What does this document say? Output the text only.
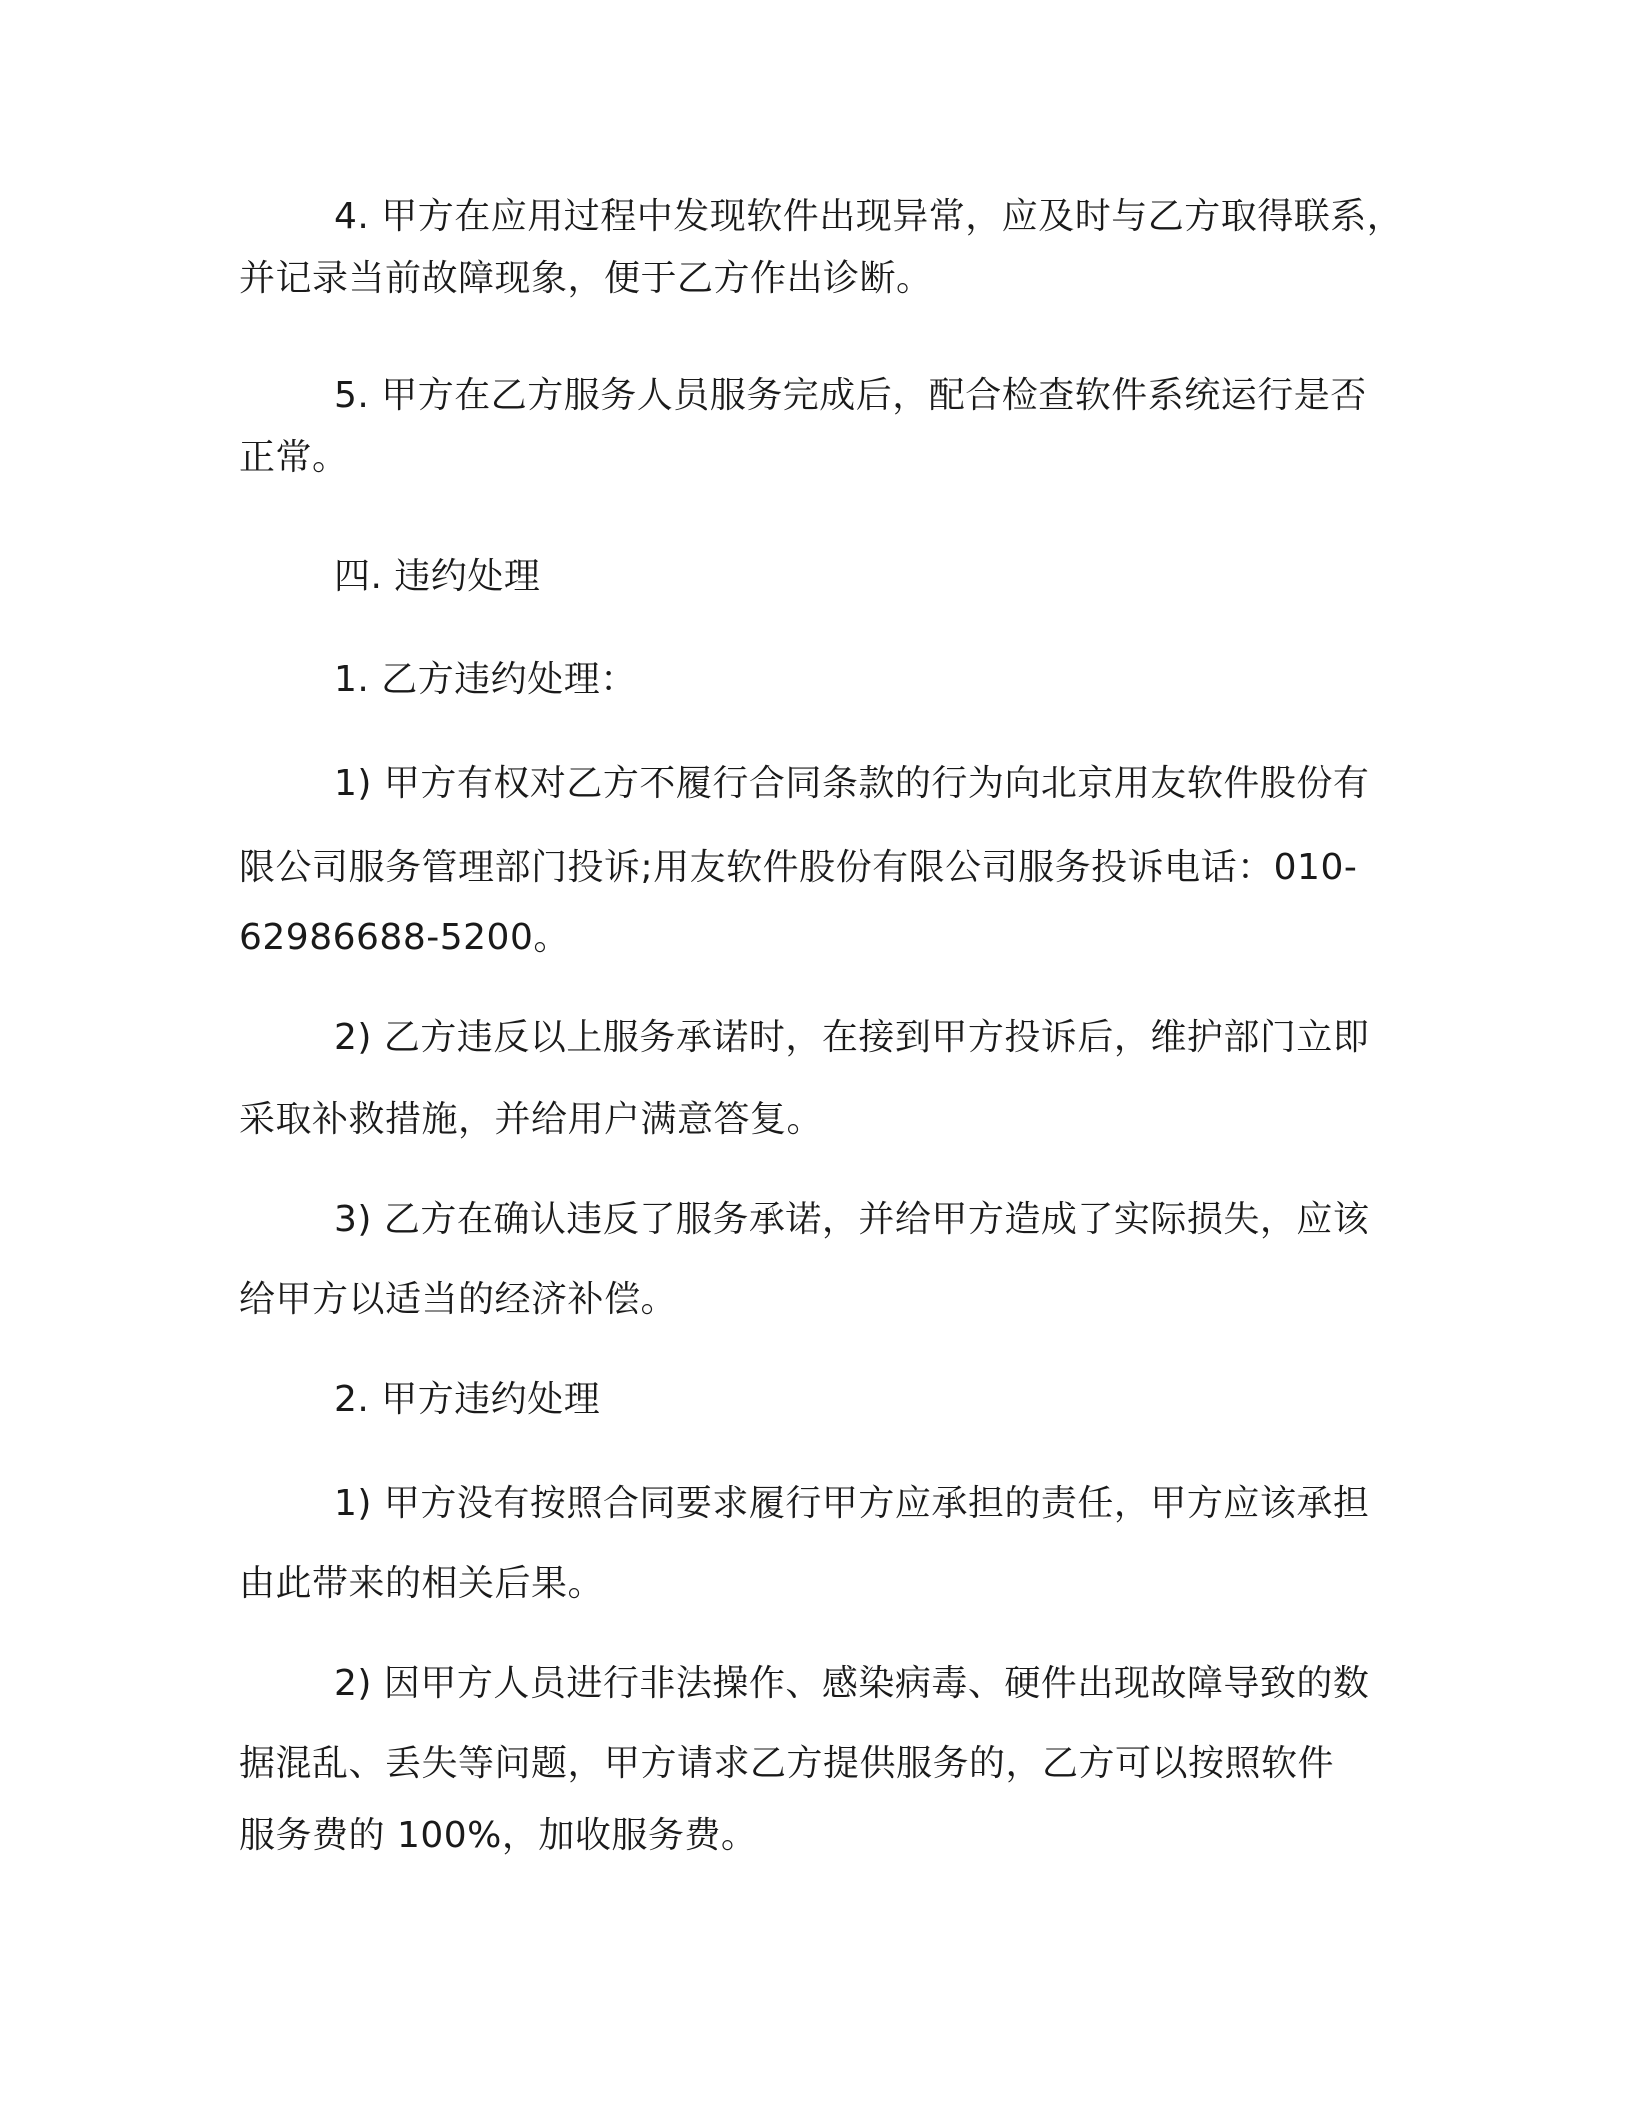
4. 甲方在应用过程中发现软件出现异常，应及时与乙方取得联系，
并记录当前故障现象，便于乙方作出诊断。
5. 甲方在乙方服务人员服务完成后，配合检查软件系统运行是否
正常。
四. 违约处理
1. 乙方违约处理：
1) 甲方有权对乙方不履行合同条款的行为向北京用友软件股份有
限公司服务管理部门投诉;用友软件股份有限公司服务投诉电话：010-
62986688-5200。
2) 乙方违反以上服务承诺时，在接到甲方投诉后，维护部门立即
采取补救措施，并给用户满意答复。
3) 乙方在确认违反了服务承诺，并给甲方造成了实际损失，应该
给甲方以适当的经济补偿。
2. 甲方违约处理
1) 甲方没有按照合同要求履行甲方应承担的责任，甲方应该承担
由此带来的相关后果。
2) 因甲方人员进行非法操作、感染病毒、硬件出现故障导致的数
据混乱、丢失等问题，甲方请求乙方提供服务的，乙方可以按照软件
服务费的 100%，加收服务费。
